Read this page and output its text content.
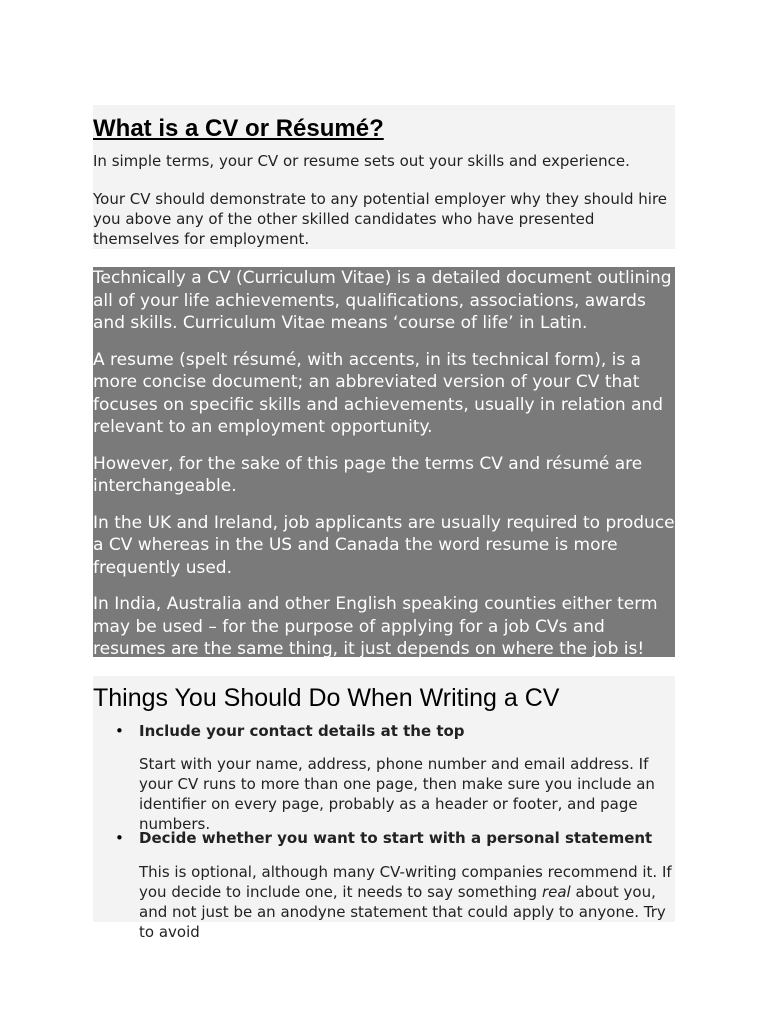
What is a CV or Résumé?

In simple terms, your CV or resume sets out your skills and experience.

Your CV should demonstrate to any potential employer why they should hire you above any of the other skilled candidates who have presented themselves for employment.

Technically a CV (Curriculum Vitae) is a detailed document outlining all of your life achievements, qualifications, associations, awards and skills. Curriculum Vitae means ‘course of life’ in Latin.

A resume (spelt résumé, with accents, in its technical form), is a more concise document; an abbreviated version of your CV that focuses on specific skills and achievements, usually in relation and relevant to an employment opportunity.

However, for the sake of this page the terms CV and résumé are interchangeable.

In the UK and Ireland, job applicants are usually required to produce a CV whereas in the US and Canada the word resume is more frequently used.

In India, Australia and other English speaking counties either term may be used – for the purpose of applying for a job CVs and resumes are the same thing, it just depends on where the job is!

Things You Should Do When Writing a CV
• Include your contact details at the top

Start with your name, address, phone number and email address. If your CV runs to more than one page, then make sure you include an identifier on every page, probably as a header or footer, and page numbers.

• Decide whether you want to start with a personal statement

This is optional, although many CV-writing companies recommend it. If you decide to include one, it needs to say something real about you, and not just be an anodyne statement that could apply to anyone. Try to avoid
